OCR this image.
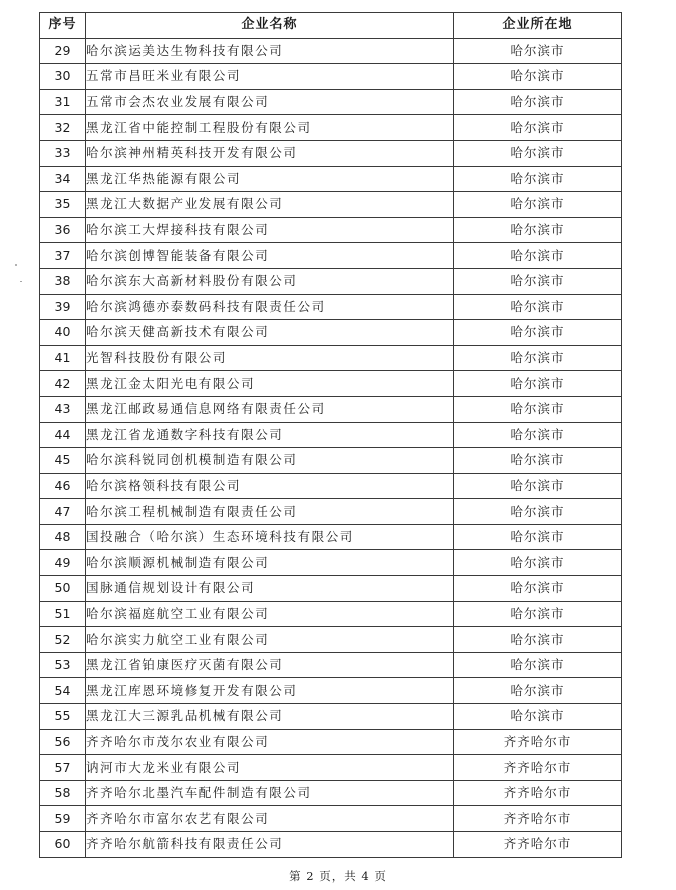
序号	企业名称	企业所在地
29	哈尔滨运美达生物科技有限公司	哈尔滨市
30	五常市昌旺米业有限公司	哈尔滨市
31	五常市会杰农业发展有限公司	哈尔滨市
32	黑龙江省中能控制工程股份有限公司	哈尔滨市
33	哈尔滨神州精英科技开发有限公司	哈尔滨市
34	黑龙江华热能源有限公司	哈尔滨市
35	黑龙江大数据产业发展有限公司	哈尔滨市
36	哈尔滨工大焊接科技有限公司	哈尔滨市
37	哈尔滨创博智能装备有限公司	哈尔滨市
38	哈尔滨东大高新材料股份有限公司	哈尔滨市
39	哈尔滨鸿德亦泰数码科技有限责任公司	哈尔滨市
40	哈尔滨天健高新技术有限公司	哈尔滨市
41	光智科技股份有限公司	哈尔滨市
42	黑龙江金太阳光电有限公司	哈尔滨市
43	黑龙江邮政易通信息网络有限责任公司	哈尔滨市
44	黑龙江省龙通数字科技有限公司	哈尔滨市
45	哈尔滨科锐同创机模制造有限公司	哈尔滨市
46	哈尔滨格领科技有限公司	哈尔滨市
47	哈尔滨工程机械制造有限责任公司	哈尔滨市
48	国投融合（哈尔滨）生态环境科技有限公司	哈尔滨市
49	哈尔滨顺源机械制造有限公司	哈尔滨市
50	国脉通信规划设计有限公司	哈尔滨市
51	哈尔滨福庭航空工业有限公司	哈尔滨市
52	哈尔滨实力航空工业有限公司	哈尔滨市
53	黑龙江省铂康医疗灭菌有限公司	哈尔滨市
54	黑龙江库恩环境修复开发有限公司	哈尔滨市
55	黑龙江大三源乳品机械有限公司	哈尔滨市
56	齐齐哈尔市茂尔农业有限公司	齐齐哈尔市
57	讷河市大龙米业有限公司	齐齐哈尔市
58	齐齐哈尔北墨汽车配件制造有限公司	齐齐哈尔市
59	齐齐哈尔市富尔农艺有限公司	齐齐哈尔市
60	齐齐哈尔航箭科技有限责任公司	齐齐哈尔市
第 2 页，共 4 页
